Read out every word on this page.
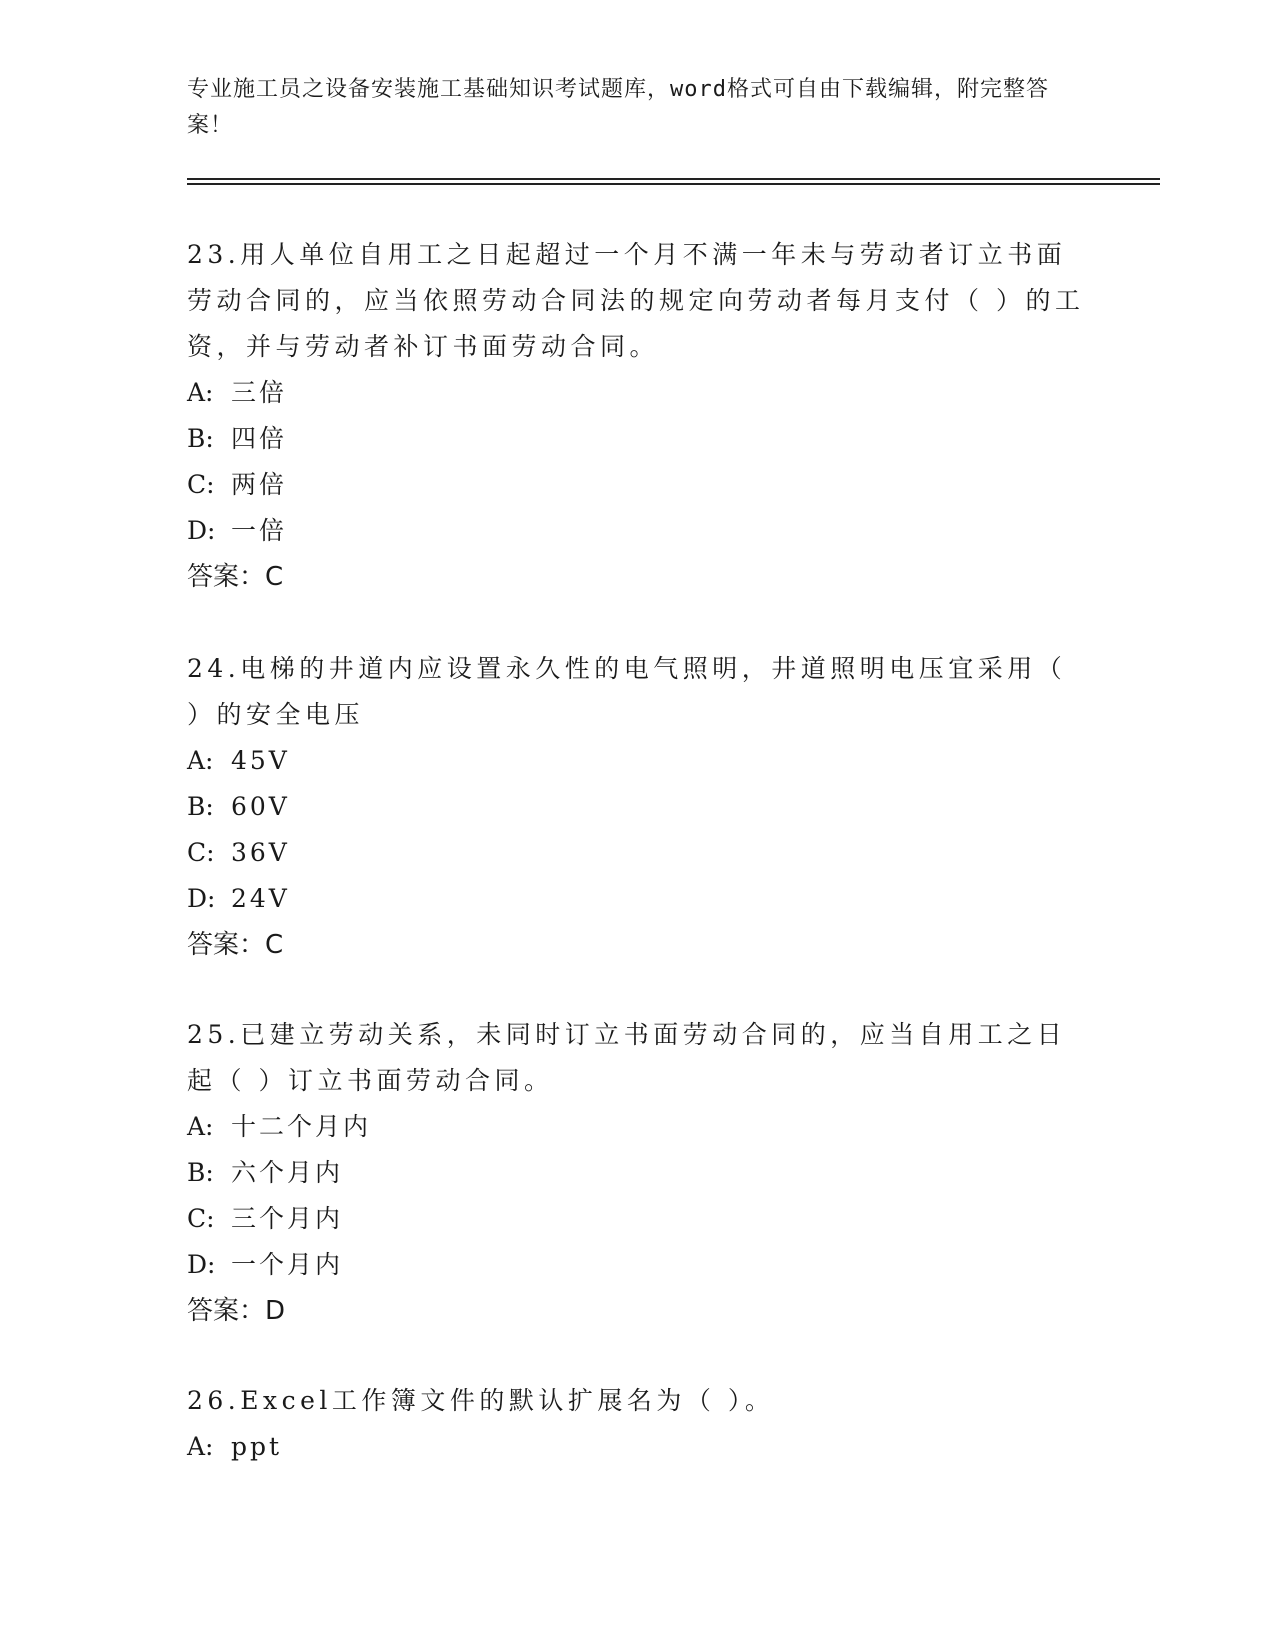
专业施工员之设备安装施工基础知识考试题库，word格式可自由下载编辑，附完整答案！

23.用人单位自用工之日起超过一个月不满一年未与劳动者订立书面劳动合同的，应当依照劳动合同法的规定向劳动者每月支付（ ）的工资，并与劳动者补订书面劳动合同。

A: 三倍

B: 四倍

C: 两倍

D: 一倍

答案：C

24.电梯的井道内应设置永久性的电气照明，井道照明电压宜采用（ ）的安全电压

A: 45V

B: 60V

C: 36V

D: 24V

答案：C

25.已建立劳动关系，未同时订立书面劳动合同的，应当自用工之日起（ ）订立书面劳动合同。

A: 十二个月内

B: 六个月内

C: 三个月内

D: 一个月内

答案：D

26.Excel工作簿文件的默认扩展名为（ ）。

A: ppt
